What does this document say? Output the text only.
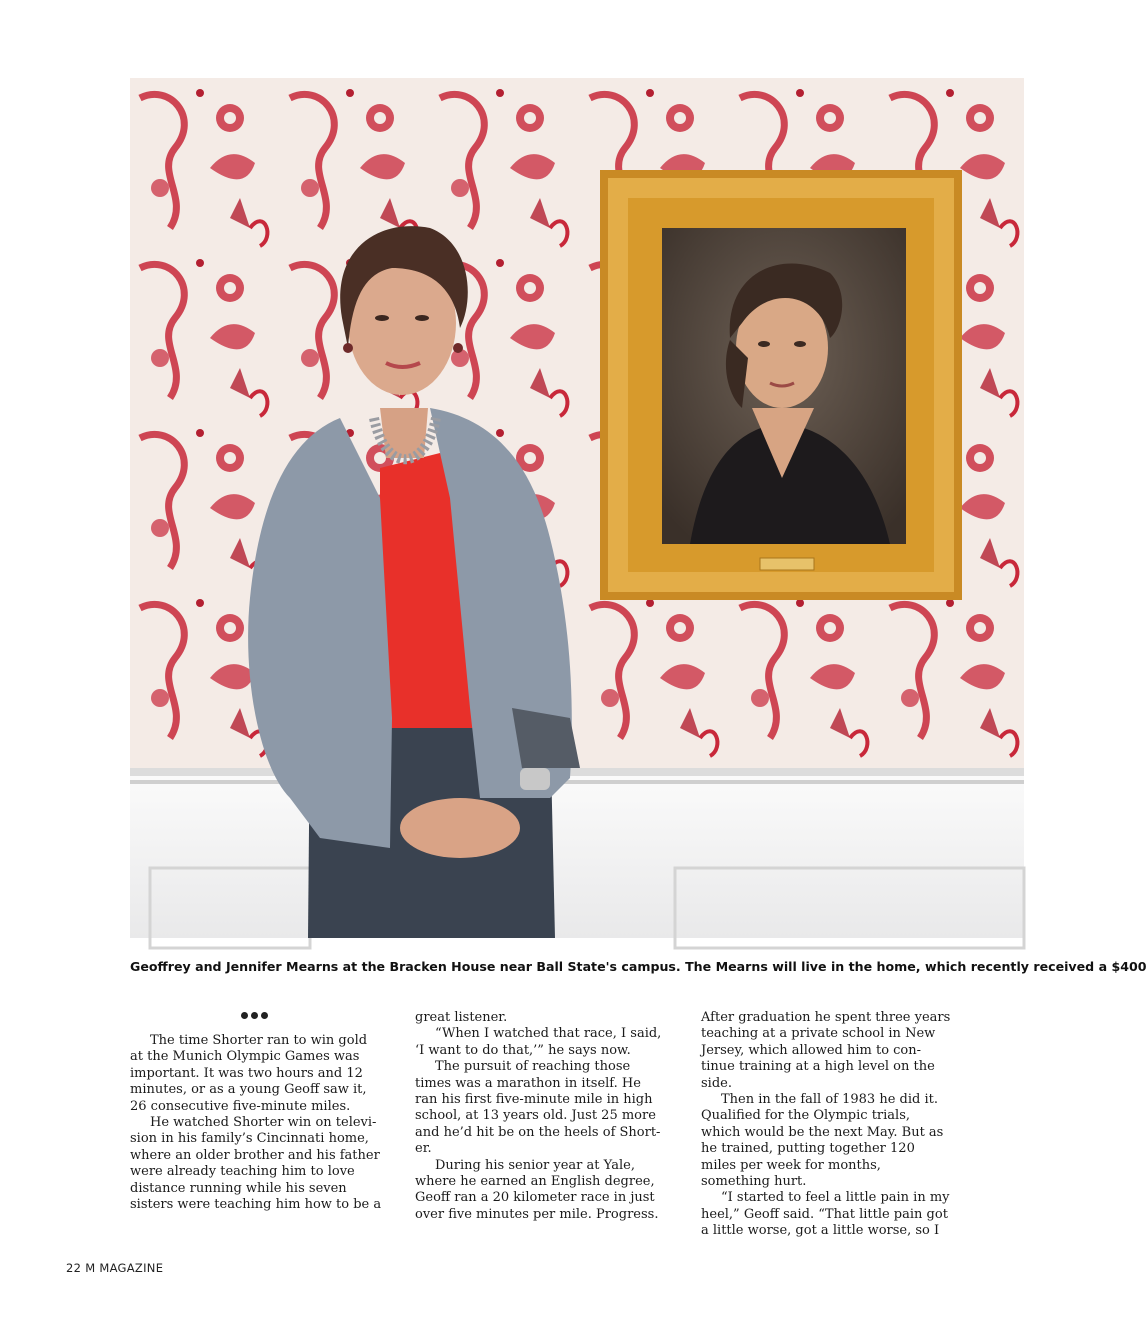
Geoffrey and Jennifer Mearns at the Bracken House near Ball State's campus. The Mearns will live in the home, which recently received a $400

The time Shorter ran to win gold at the Munich Olympic Games was important. It was two hours and 12 minutes, or as a young Geoff saw it, 26 consecutive five-minute miles.

He watched Shorter win on televi-sion in his family’s Cincinnati home, where an older brother and his father were already teaching him to love distance running while his seven sisters were teaching him how to be a

great listener.

“When I watched that race, I said, ‘I want to do that,’” he says now.

The pursuit of reaching those times was a marathon in itself. He ran his first five-minute mile in high school, at 13 years old. Just 25 more and he’d hit be on the heels of Short-er.

During his senior year at Yale, where he earned an English degree, Geoff ran a 20 kilometer race in just over five minutes per mile. Progress.

After graduation he spent three years teaching at a private school in New Jersey, which allowed him to con-tinue training at a high level on the side.

Then in the fall of 1983 he did it. Qualified for the Olympic trials, which would be the next May. But as he trained, putting together 120 miles per week for months, something hurt.

“I started to feel a little pain in my heel,” Geoff said. “That little pain got a little worse, got a little worse, so I

22 M MAGAZINE
